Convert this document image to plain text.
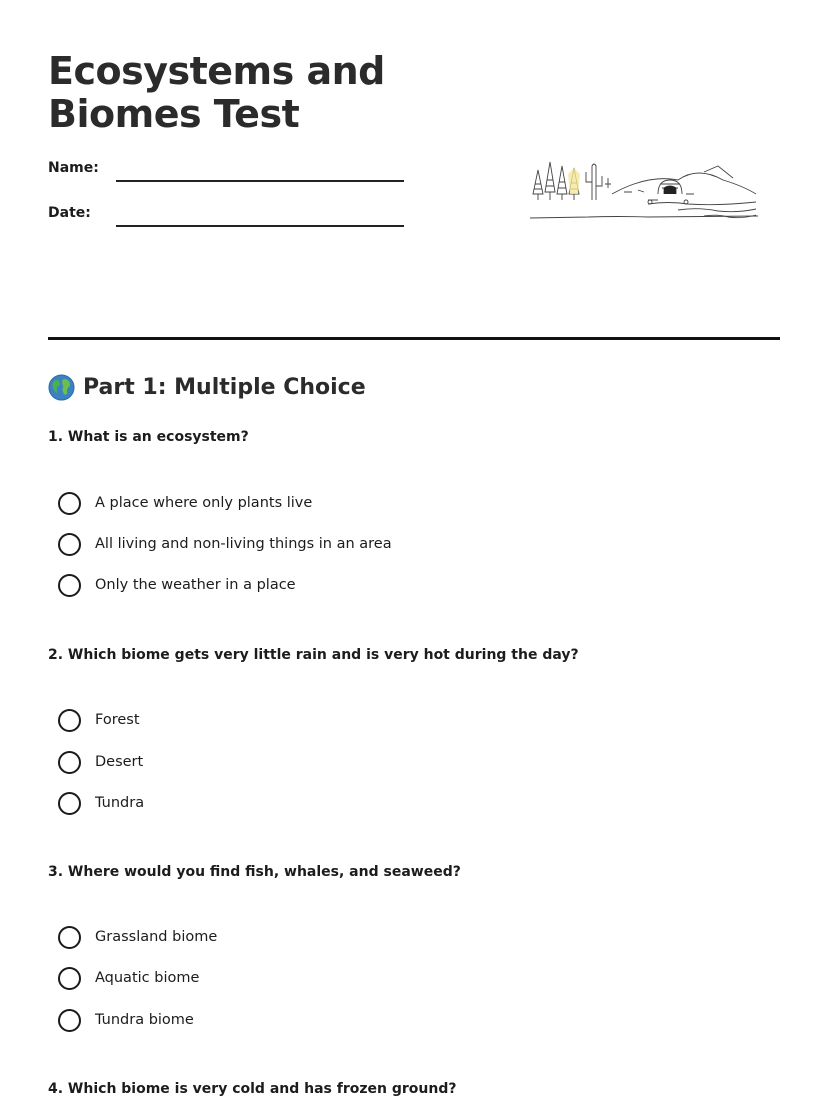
Ecosystems and Biomes Test
Name:
Date:
Part 1: Multiple Choice

1. What is an ecosystem?

A place where only plants live
All living and non-living things in an area
Only the weather in a place

2. Which biome gets very little rain and is very hot during the day?

Forest
Desert
Tundra

3. Where would you find fish, whales, and seaweed?

Grassland biome
Aquatic biome
Tundra biome

4. Which biome is very cold and has frozen ground?
